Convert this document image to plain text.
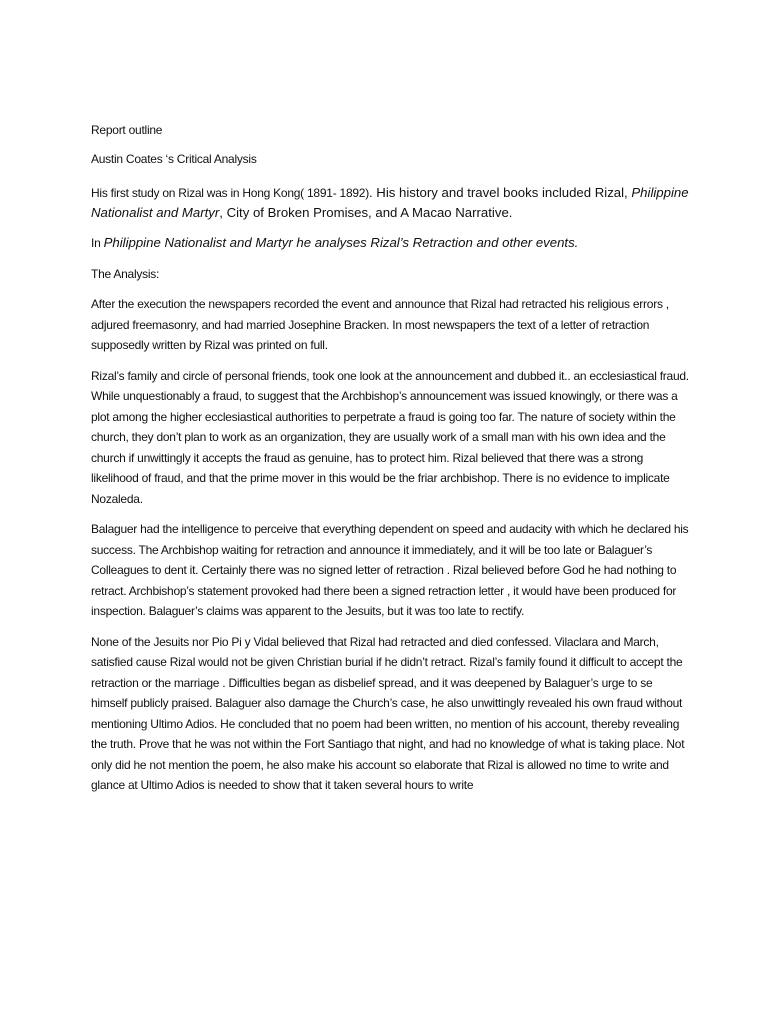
Report outline

Austin Coates ‘s Critical Analysis

His first study on Rizal was in Hong Kong( 1891- 1892). His history and travel books included Rizal, Philippine Nationalist and Martyr, City of Broken Promises, and A Macao Narrative.

In Philippine Nationalist and Martyr he analyses Rizal’s Retraction and other events.

The Analysis:

After the execution the newspapers recorded the event and announce that Rizal had retracted his religious errors , adjured freemasonry, and had married Josephine Bracken. In most newspapers the text of a letter of retraction supposedly written by Rizal was printed on full.

Rizal’s family and circle of personal friends, took one look at the announcement and dubbed it.. an ecclesiastical fraud. While unquestionably a fraud, to suggest that the Archbishop’s announcement was issued knowingly, or there was a plot among the higher ecclesiastical authorities to perpetrate a fraud is going too far. The nature of society within the church, they don’t plan to work as an organization, they are usually work of a small man with his own idea and the church if unwittingly it accepts the fraud as genuine, has to protect him. Rizal believed that there was a strong likelihood of fraud, and that the prime mover in this would be the friar archbishop. There is no evidence to implicate Nozaleda.

Balaguer had the intelligence to perceive that everything dependent on speed and audacity with which he declared his success. The Archbishop waiting for retraction and announce it immediately, and it will be too late or Balaguer’s Colleagues to dent it. Certainly there was no signed letter of retraction . Rizal believed before God he had nothing to retract. Archbishop’s statement provoked had there been a signed retraction letter , it would have been produced for inspection. Balaguer’s claims was apparent to the Jesuits, but it was too late to rectify.

None of the Jesuits nor Pio Pi y Vidal believed that Rizal had retracted and died confessed. Vilaclara and March, satisfied cause Rizal would not be given Christian burial if he didn’t retract. Rizal’s family found it difficult to accept the retraction or the marriage . Difficulties began as disbelief spread, and it was deepened by Balaguer’s urge to se himself publicly praised. Balaguer also damage the Church’s case, he also unwittingly revealed his own fraud without mentioning Ultimo Adios. He concluded that no poem had been written, no mention of his account, thereby revealing the truth. Prove that he was not within the Fort Santiago that night, and had no knowledge of what is taking place. Not only did he not mention the poem, he also make his account so elaborate that Rizal is allowed no time to write and glance at Ultimo Adios is needed to show that it taken several hours to write
